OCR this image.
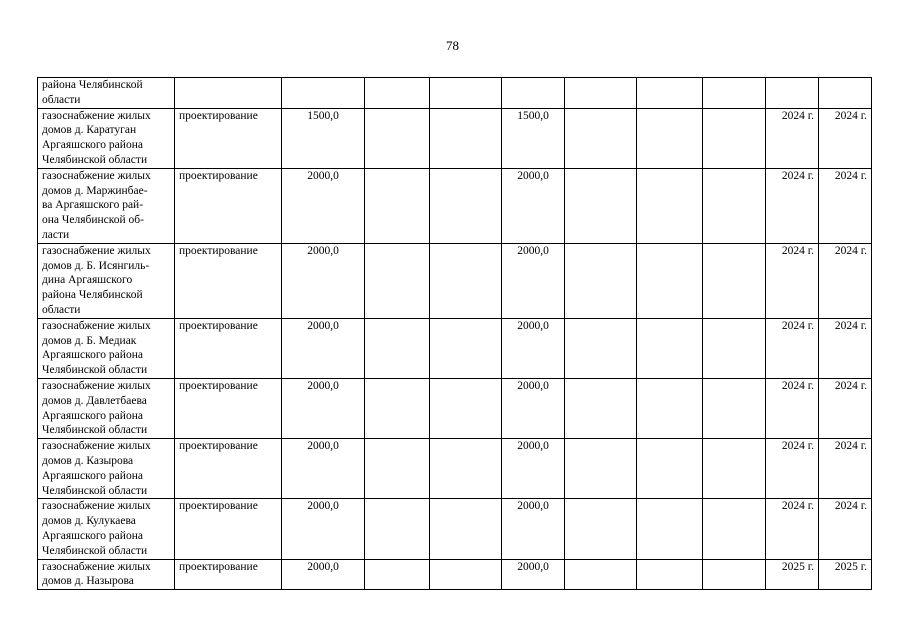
78
района Челябинской
области										

газоснабжение жилых
домов д. Каратуган
Аргаяшского района
Челябинской области	проектирование	1500,0			1500,0				2024 г.	2024 г.

газоснабжение жилых
домов д. Маржинбае-
ва Аргаяшского рай-
она Челябинской об-
ласти	проектирование	2000,0			2000,0				2024 г.	2024 г.

газоснабжение жилых
домов д. Б. Исянгиль-
дина Аргаяшского
района Челябинской
области	проектирование	2000,0			2000,0				2024 г.	2024 г.

газоснабжение жилых
домов д. Б. Медиак
Аргаяшского района
Челябинской области	проектирование	2000,0			2000,0				2024 г.	2024 г.

газоснабжение жилых
домов д. Давлетбаева
Аргаяшского района
Челябинской области	проектирование	2000,0			2000,0				2024 г.	2024 г.

газоснабжение жилых
домов д. Казырова
Аргаяшского района
Челябинской области	проектирование	2000,0			2000,0				2024 г.	2024 г.

газоснабжение жилых
домов д. Кулукаева
Аргаяшского района
Челябинской области	проектирование	2000,0			2000,0				2024 г.	2024 г.

газоснабжение жилых
домов д. Назырова	проектирование	2000,0			2000,0				2025 г.	2025 г.
